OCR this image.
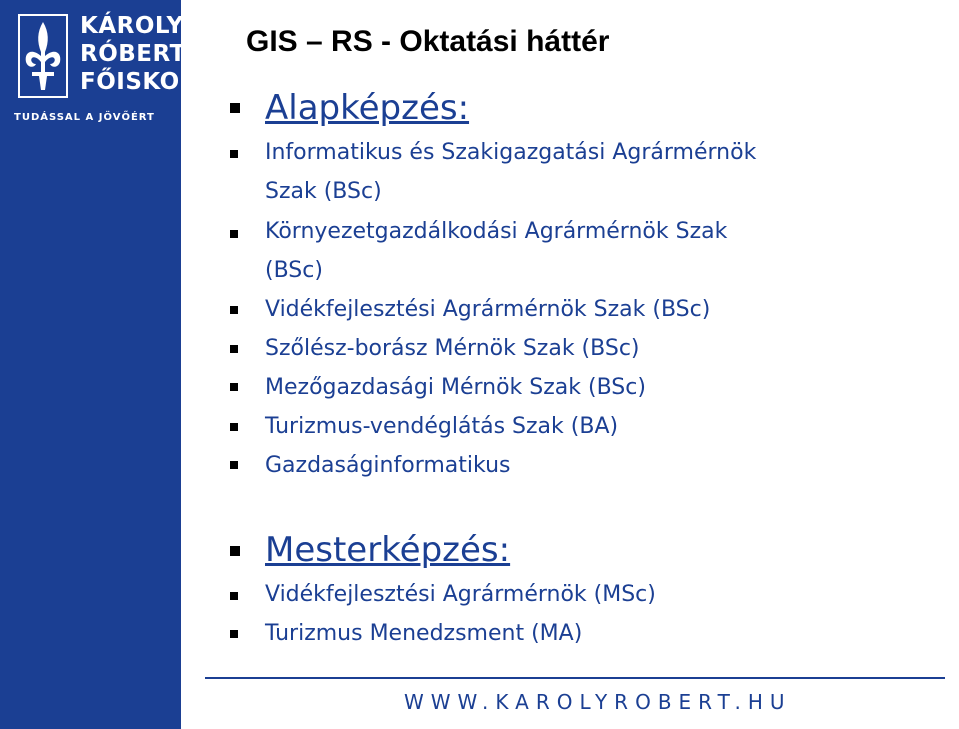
KÁROLY
RÓBERT
FŐISKOLA
TUDÁSSAL A JÖVŐÉRT
GIS – RS - Oktatási háttér
Alapképzés:
Informatikus és Szakigazgatási Agrármérnök
Szak (BSc)
Környezetgazdálkodási Agrármérnök Szak
(BSc)
Vidékfejlesztési Agrármérnök Szak (BSc)
Szőlész-borász Mérnök Szak (BSc)
Mezőgazdasági Mérnök Szak (BSc)
Turizmus-vendéglátás Szak (BA)
Gazdaságinformatikus
Mesterképzés:
Vidékfejlesztési Agrármérnök (MSc)
Turizmus Menedzsment (MA)
WWW.KAROLYROBERT.HU
